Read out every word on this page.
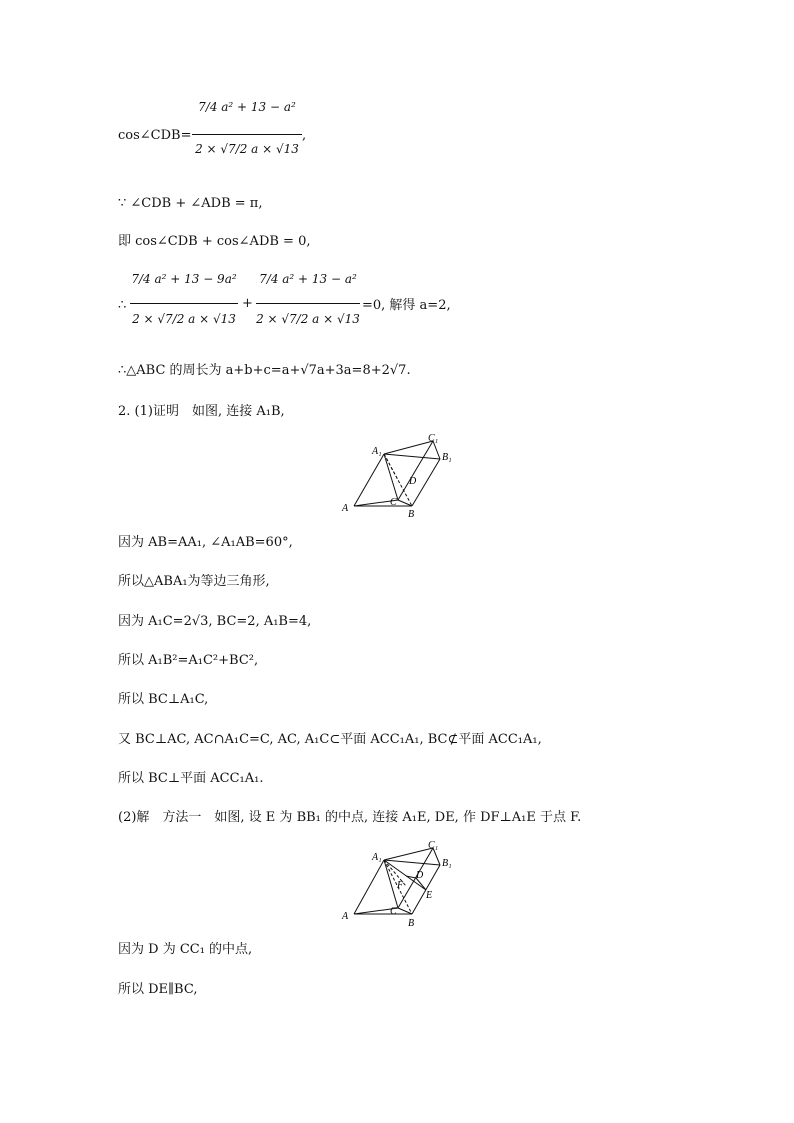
cos∠CDB=
7/4 a² + 13 − a²
2 × √7/2 a × √13
,
∵ ∠CDB + ∠ADB = π,
即 cos∠CDB + cos∠ADB = 0,
∴
7/4 a² + 13 − 9a²
2 × √7/2 a × √13
+
7/4 a² + 13 − a²
2 × √7/2 a × √13
=0, 解得 a=2,
∴△ABC 的周长为 a+b+c=a+√7a+3a=8+2√7.
2. (1)证明　如图, 连接 A₁B,
A₁
C₁
B₁
D
A
C
B
因为 AB=AA₁, ∠A₁AB=60°,
所以△ABA₁为等边三角形,
因为 A₁C=2√3, BC=2, A₁B=4,
所以 A₁B²=A₁C²+BC²,
所以 BC⊥A₁C,
又 BC⊥AC, AC∩A₁C=C, AC, A₁C⊂平面 ACC₁A₁, BC⊄平面 ACC₁A₁,
所以 BC⊥平面 ACC₁A₁.
(2)解　方法一　如图, 设 E 为 BB₁ 的中点, 连接 A₁E, DE, 作 DF⊥A₁E 于点 F.
A₁
C₁
B₁
D
F
E
A	C
B
因为 D 为 CC₁ 的中点,
所以 DE∥BC,
